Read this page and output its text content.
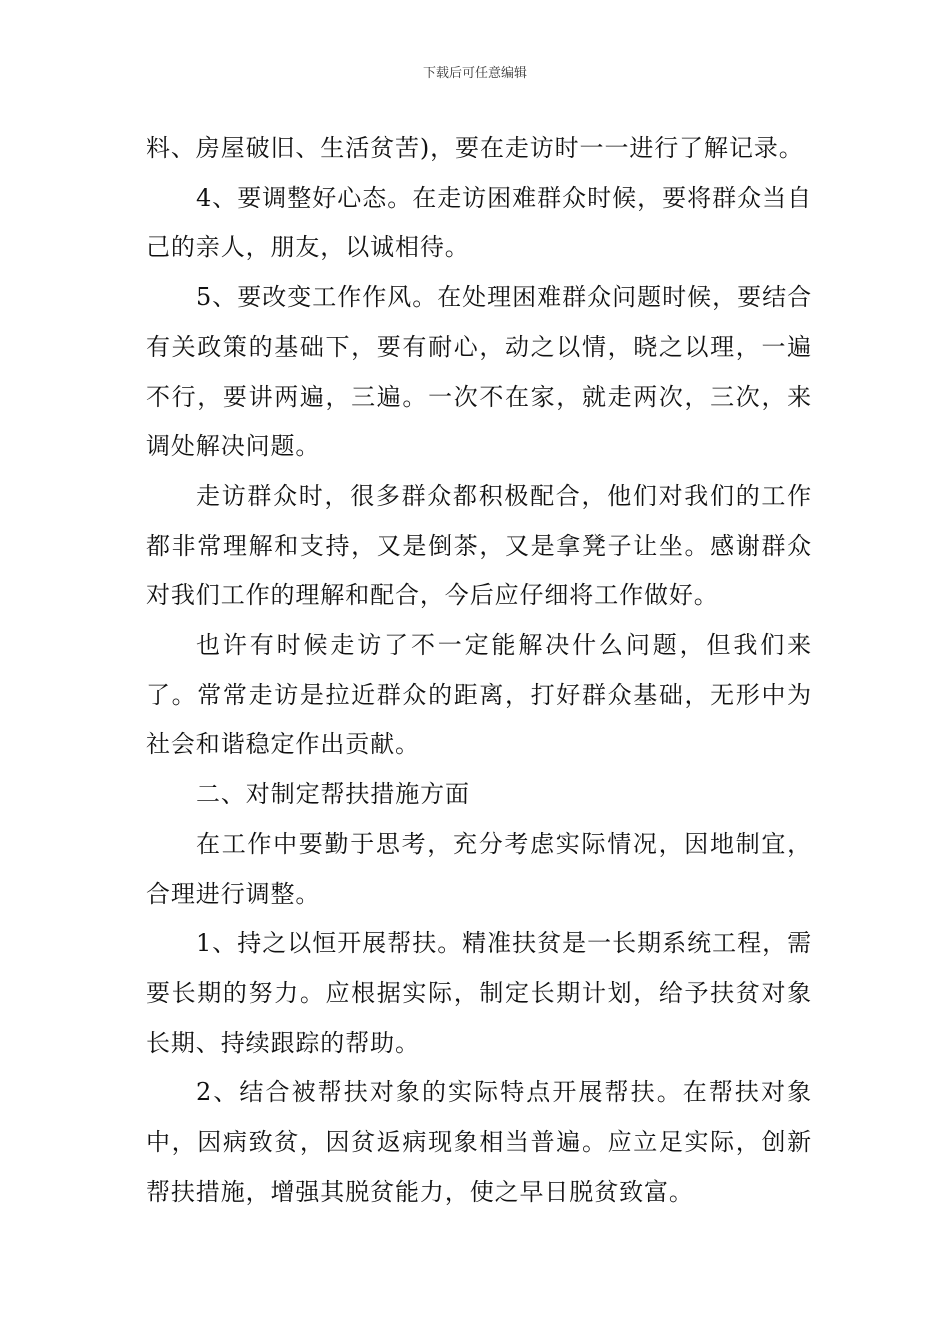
下载后可任意编辑

料、房屋破旧、生活贫苦)，要在走访时一一进行了解记录。

4、要调整好心态。在走访困难群众时候，要将群众当自己的亲人，朋友，以诚相待。

5、要改变工作作风。在处理困难群众问题时候，要结合有关政策的基础下，要有耐心，动之以情，晓之以理，一遍不行，要讲两遍，三遍。一次不在家，就走两次，三次，来调处解决问题。

走访群众时，很多群众都积极配合，他们对我们的工作都非常理解和支持，又是倒茶，又是拿凳子让坐。感谢群众对我们工作的理解和配合，今后应仔细将工作做好。

也许有时候走访了不一定能解决什么问题，但我们来了。常常走访是拉近群众的距离，打好群众基础，无形中为社会和谐稳定作出贡献。

二、对制定帮扶措施方面

在工作中要勤于思考，充分考虑实际情况，因地制宜，合理进行调整。

1、持之以恒开展帮扶。精准扶贫是一长期系统工程，需要长期的努力。应根据实际，制定长期计划，给予扶贫对象长期、持续跟踪的帮助。

2、结合被帮扶对象的实际特点开展帮扶。在帮扶对象中，因病致贫，因贫返病现象相当普遍。应立足实际，创新帮扶措施，增强其脱贫能力，使之早日脱贫致富。
